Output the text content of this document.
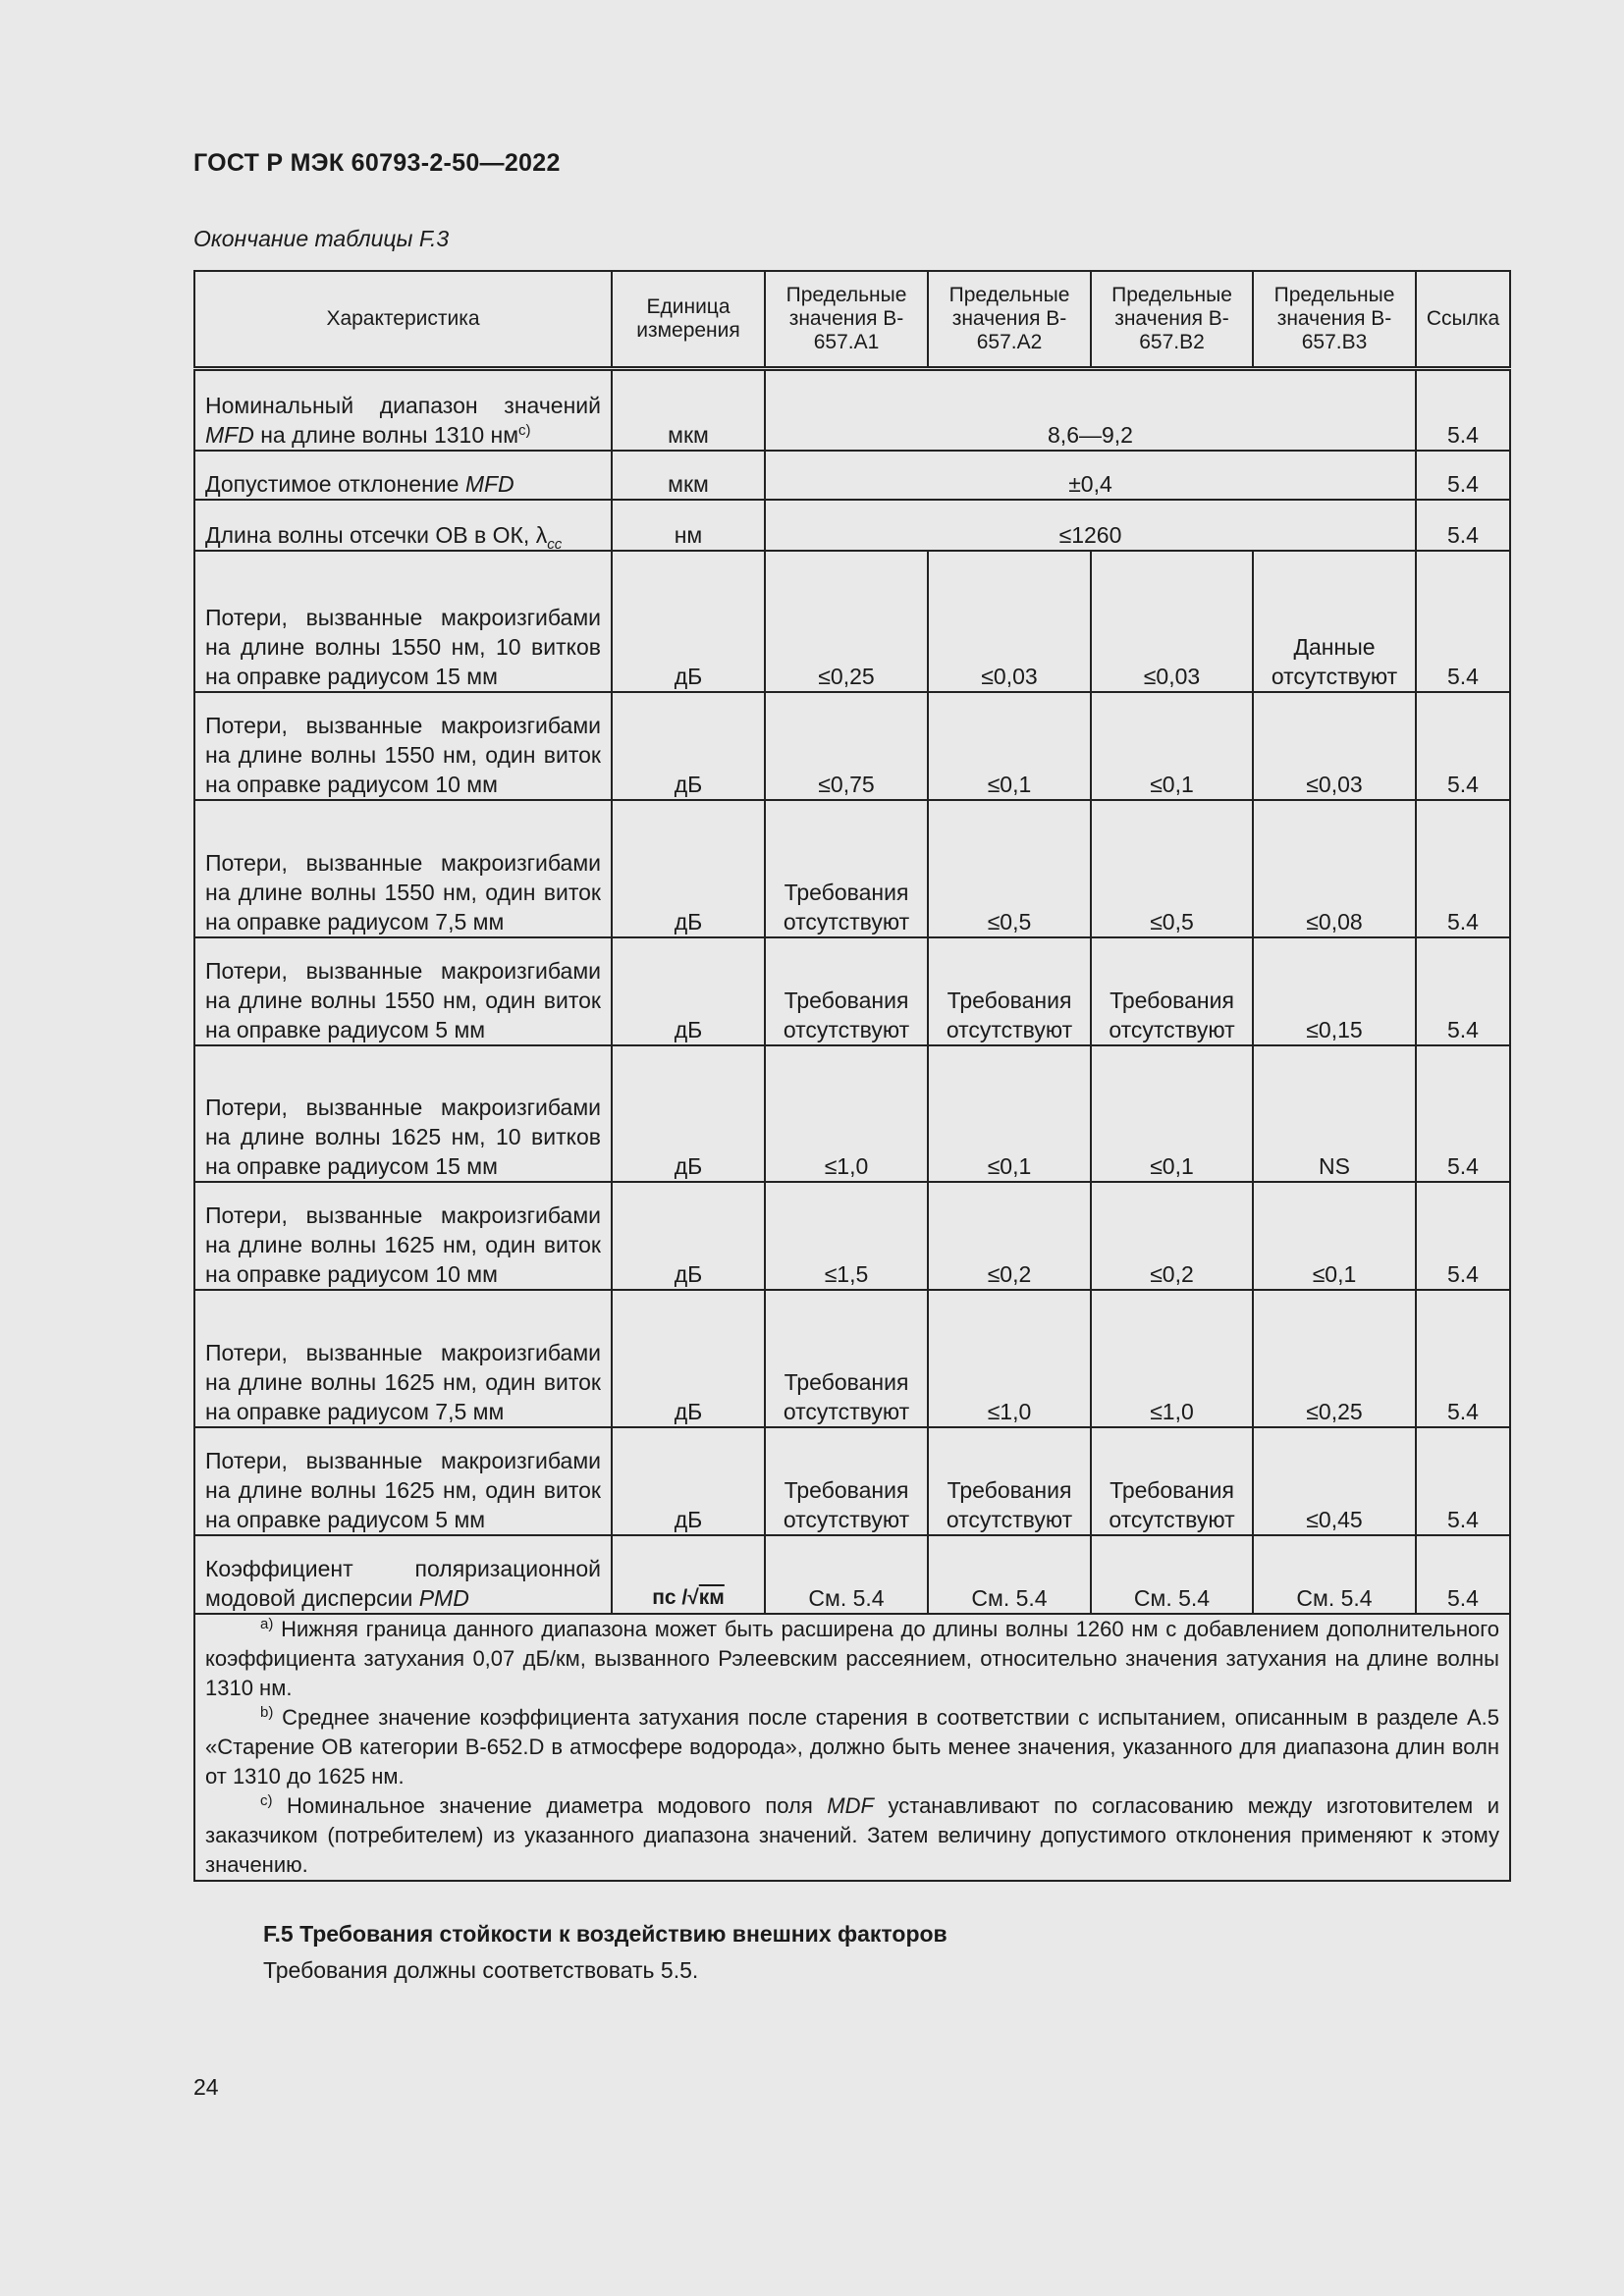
ГОСТ Р МЭК 60793-2-50—2022
Окончание таблицы F.3
Характеристика	Единица измерения	Предельные значения B-657.A1	Предельные значения B-657.A2	Предельные значения B-657.B2	Предельные значения B-657.B3	Ссылка
Номинальный диапазон значений MFD на длине волны 1310 $нм^{c)}$	мкм	8,6—9,2				5.4
Допустимое отклонение MFD	мкм	±0,4				5.4
Длина волны отсечки ОВ в ОК, $\lambda_{cc}$	нм	≤1260				5.4
Потери, вызванные макроизгибами на длине волны 1550 нм, 10 витков на оправке радиусом 15 мм	дБ	≤0,25	≤0,03	≤0,03	Данные отсутствуют	5.4
Потери, вызванные макроизгибами на длине волны 1550 нм, один виток на оправке радиусом 10 мм	дБ	≤0,75	≤0,1	≤0,1	≤0,03	5.4
Потери, вызванные макроизгибами на длине волны 1550 нм, один виток на оправке радиусом 7,5 мм	дБ	Требования отсутствуют	≤0,5	≤0,5	≤0,08	5.4
Потери, вызванные макроизгибами на длине волны 1550 нм, один виток на оправке радиусом 5 мм	дБ	Требования отсутствуют	Требования отсутствуют	Требования отсутствуют	≤0,15	5.4
Потери, вызванные макроизгибами на длине волны 1625 нм, 10 витков на оправке радиусом 15 мм	дБ	≤1,0	≤0,1	≤0,1	NS	5.4
Потери, вызванные макроизгибами на длине волны 1625 нм, один виток на оправке радиусом 10 мм	дБ	≤1,5	≤0,2	≤0,2	≤0,1	5.4
Потери, вызванные макроизгибами на длине волны 1625 нм, один виток на оправке радиусом 7,5 мм	дБ	Требования отсутствуют	≤1,0	≤1,0	≤0,25	5.4
Потери, вызванные макроизгибами на длине волны 1625 нм, один виток на оправке радиусом 5 мм	дБ	Требования отсутствуют	Требования отсутствуют	Требования отсутствуют	≤0,45	5.4
Коэффициент поляризационной модовой дисперсии PMD	пс /√км	См. 5.4	См. 5.4	См. 5.4	См. 5.4	5.4

$^{a)}$ Нижняя граница данного диапазона может быть расширена до длины волны 1260 нм с добавлением дополнительного коэффициента затухания 0,07 дБ/км, вызванного Рэлеевским рассеянием, относительно значения затухания на длине волны 1310 нм.

$^{b)}$ Среднее значение коэффициента затухания после старения в соответствии с испытанием, описанным в разделе А.5 «Старение ОВ категории В-652.D в атмосфере водорода», должно быть менее значения, указанного для диапазона длин волн от 1310 до 1625 нм.

$^{c)}$ Номинальное значение диаметра модового поля MDF устанавливают по согласованию между изготовителем и заказчиком (потребителем) из указанного диапазона значений. Затем величину допустимого отклонения применяют к этому значению.						

F.5 Требования стойкости к воздействию внешних факторов
Требования должны соответствовать 5.5.
24
